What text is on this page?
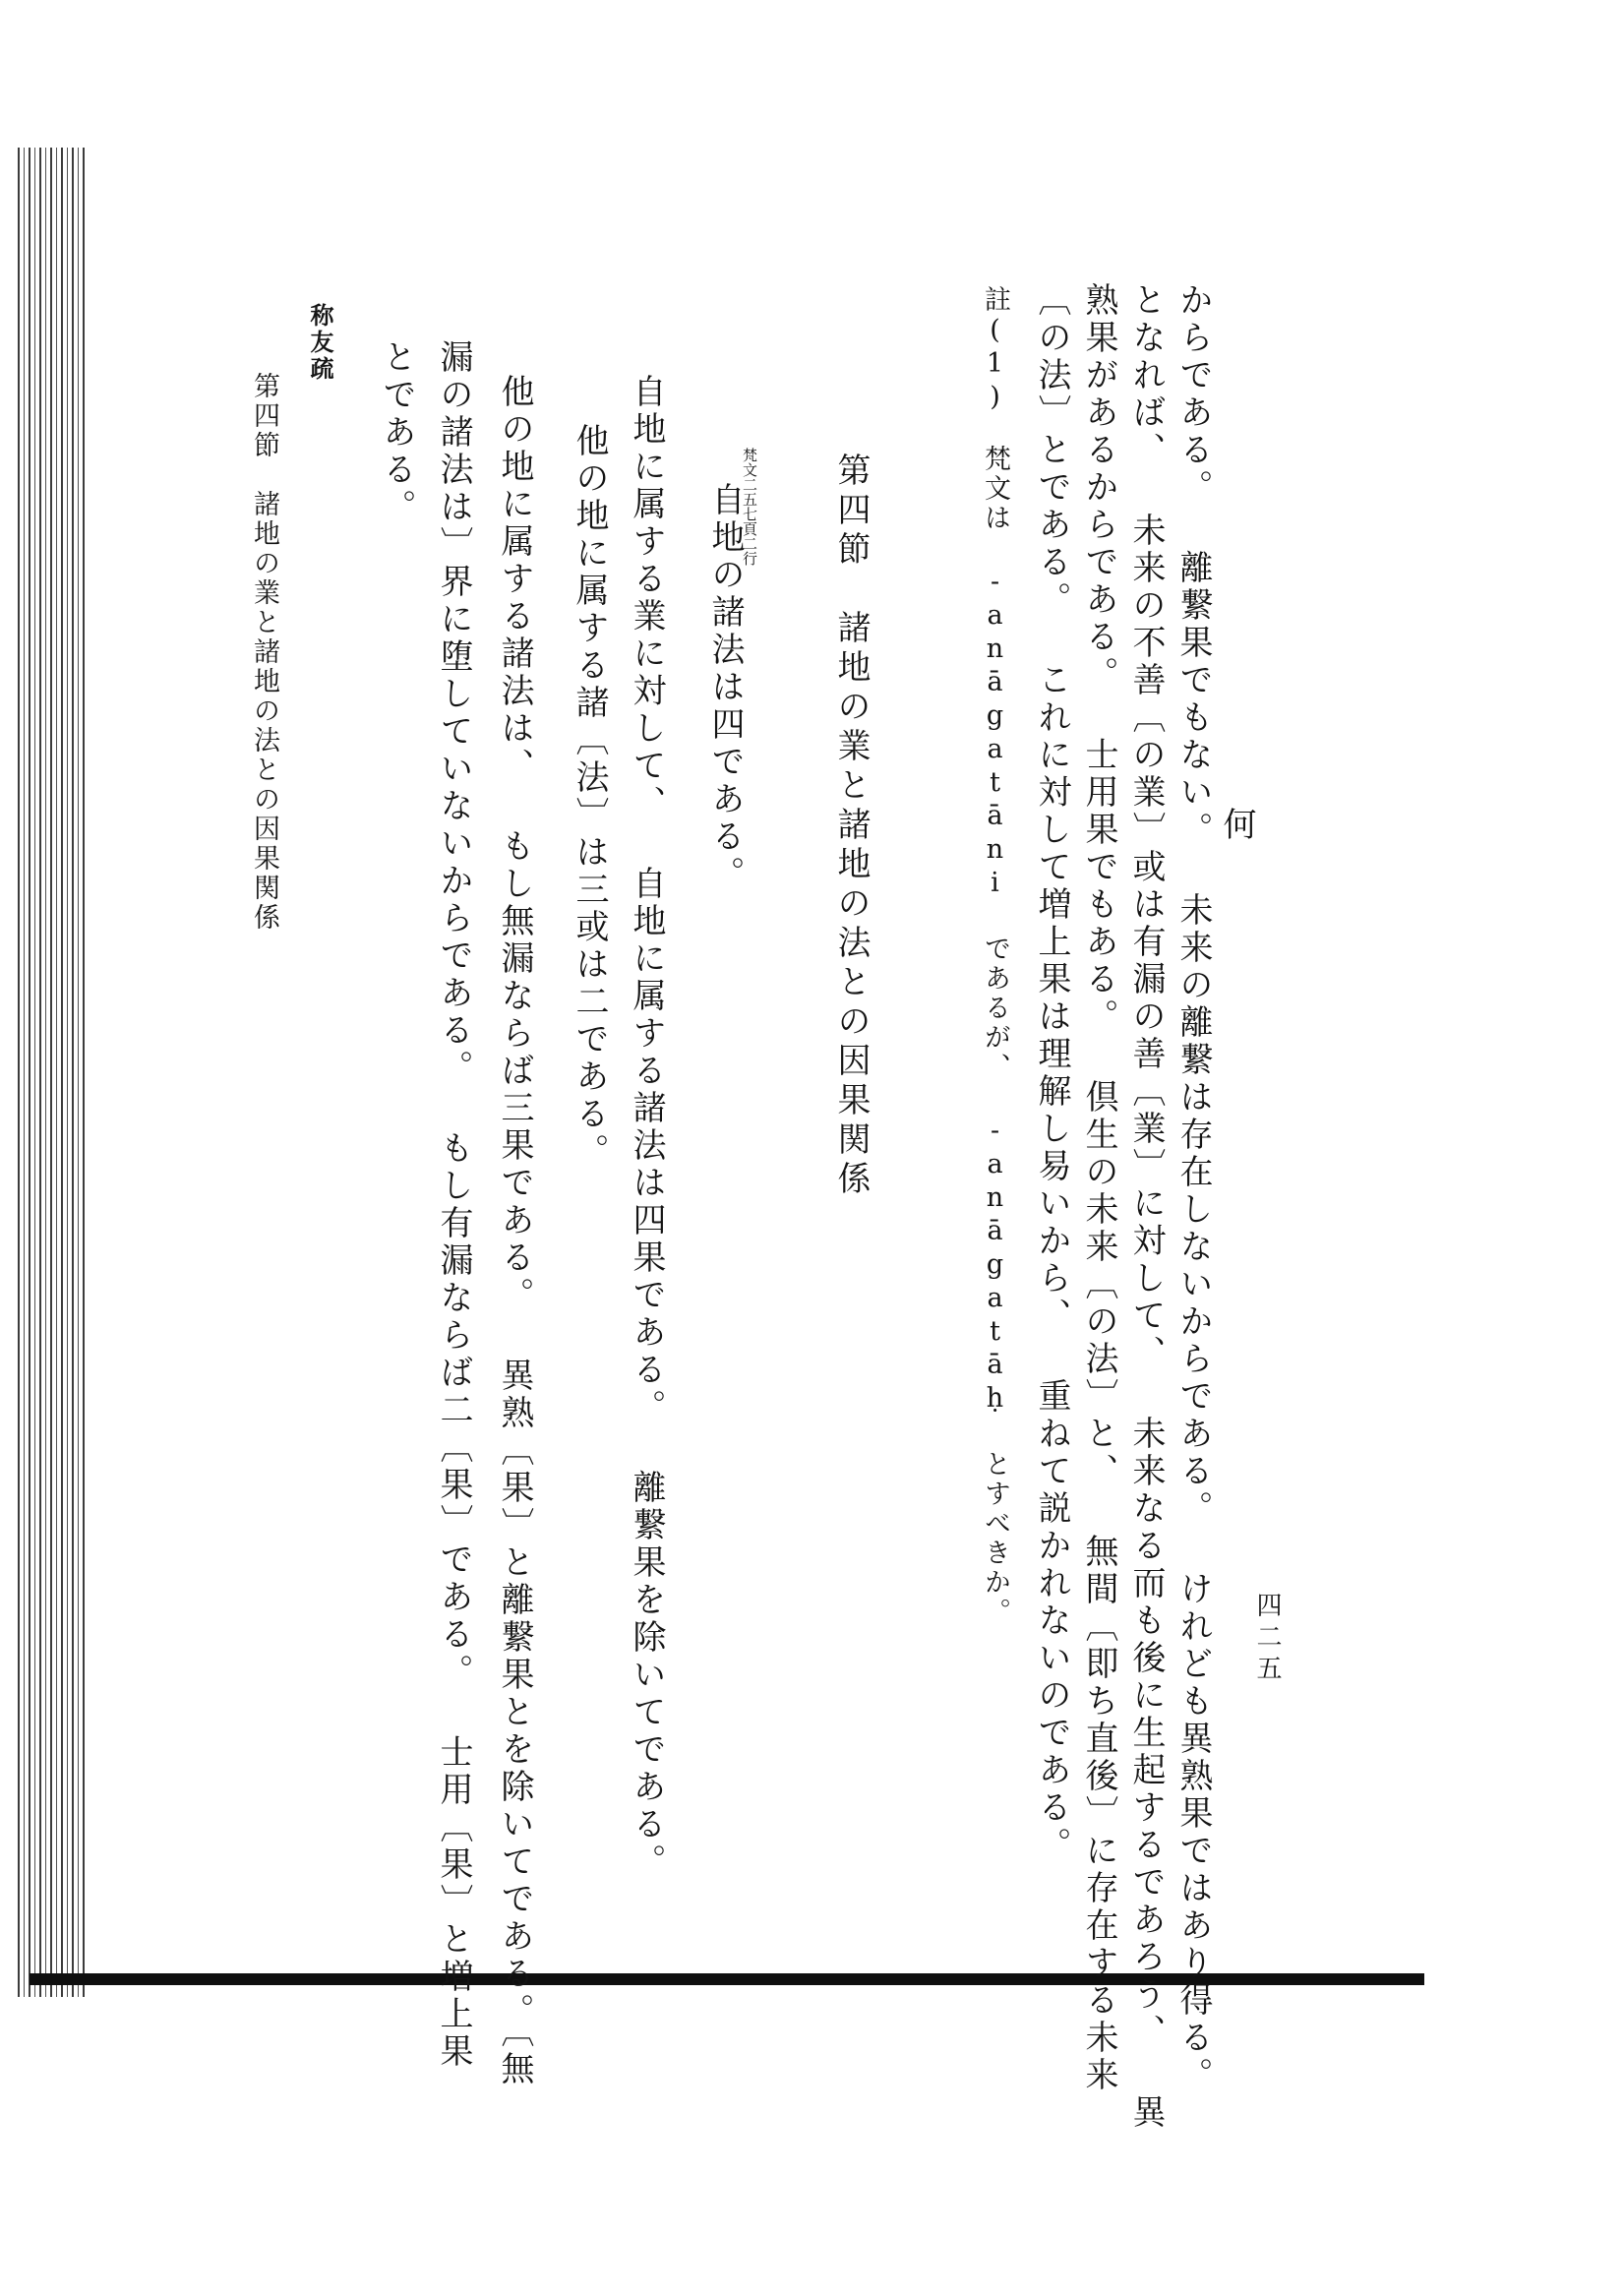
何
からである。 離繋果でもない。 未来の離繋は存在しないからである。 けれども異熟果ではあり得る。
となれば、 未来の不善〔の業〕或は有漏の善〔業〕に対して、 未来なる而も後に生起するであろう、 異
熟果があるからである。 士用果でもある。 倶生の未来〔の法〕と、 無間〔即ち直後〕に存在する未来
〔の法〕とである。 これに対して増上果は理解し易いから、 重ねて説かれないのである。
註(1)　梵文は -anāgatāni であるが、 -anāgatāḥ とすべきか。
第四節　諸地の業と諸地の法との因果関係
梵文二五七頁二行
自地の諸法は四である。
自地に属する業に対して、 自地に属する諸法は四果である。 離繋果を除いてである。
他の地に属する諸〔法〕は三或は二である。
他の地に属する諸法は、 もし無漏ならば三果である。 異熟〔果〕と離繋果とを除いてである。〔無
漏の諸法は〕界に堕していないからである。 もし有漏ならば二〔果〕である。 士用〔果〕と増上果
とである。
称友疏
第四節　諸地の業と諸地の法との因果関係
四二五
